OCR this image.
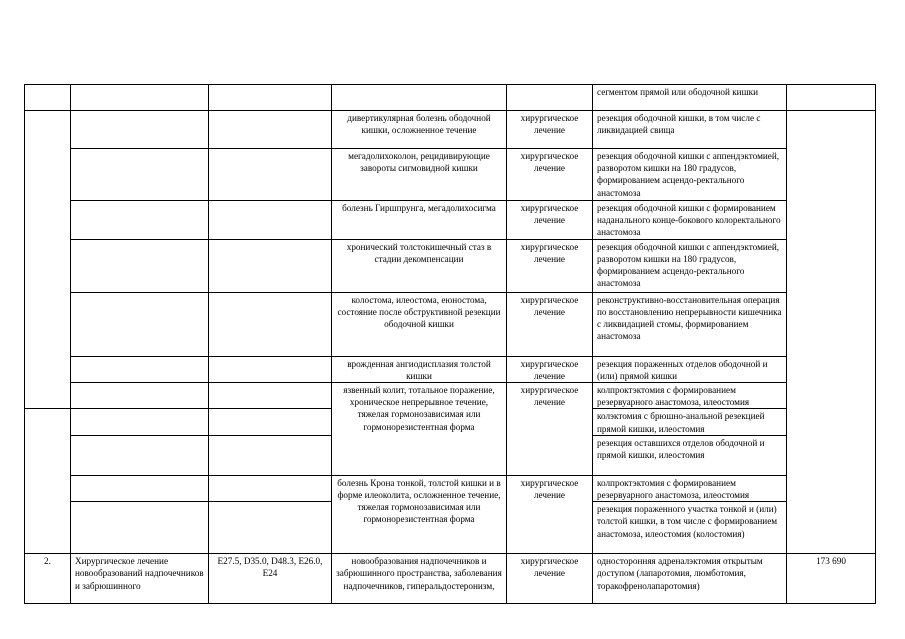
					сегментом прямой или ободочной кишки	
			дивертикулярная болезнь ободочной кишки, осложненное течение	хирургическое лечение	резекция ободочной кишки, в том числе с ликвидацией свища	
			мегадолихоколон, рецидивирующие завороты сигмовидной кишки	хирургическое лечение	резекция ободочной кишки с аппендэктомией, разворотом кишки на 180 градусов, формированием асцендо-ректального анастомоза	
			болезнь Гиршпрунга, мегадолихосигма	хирургическое лечение	резекция ободочной кишки с формированием наданального конце-бокового колоректального анастомоза	
			хронический толстокишечный стаз в стадии декомпенсации	хирургическое лечение	резекция ободочной кишки с аппендэктомией, разворотом кишки на 180 градусов, формированием асцендо-ректального анастомоза	
			колостома, илеостома, еюностома, состояние после обструктивной резекции ободочной кишки	хирургическое лечение	реконструктивно-восстановительная операция по восстановлению непрерывности кишечника с ликвидацией стомы, формированием анастомоза	
			врожденная ангиодисплазия толстой кишки	хирургическое лечение	резекция пораженных отделов ободочной и (или) прямой кишки	
			язвенный колит, тотальное поражение, хроническое непрерывное течение, тяжелая гормонозависимая или гормонорезистентная форма	хирургическое лечение	колпроктэктомия с формированием резервуарного анастомоза, илеостомия	
					колэктомия с брюшно-анальной резекцией прямой кишки, илеостомия	
					резекция оставшихся отделов ободочной и прямой кишки, илеостомия	
			болезнь Крона тонкой, толстой кишки и в форме илеоколита, осложненное течение, тяжелая гормонозависимая или гормонорезистентная форма	хирургическое лечение	колпроктэктомия с формированием резервуарного анастомоза, илеостомия	
					резекция пораженного участка тонкой и (или) толстой кишки, в том числе с формированием анастомоза, илеостомия (колостомия)	
2.	Хирургическое лечение новообразований надпочечников и забрюшинного	E27.5, D35.0, D48.3, E26.0, E24	новообразования надпочечников и забрюшинного пространства, заболевания надпочечников, гиперальдостеронизм,	хирургическое лечение	односторонняя адреналэктомия открытым доступом (лапаротомия, люмботомия, торакофренолапаротомия)	173 690
